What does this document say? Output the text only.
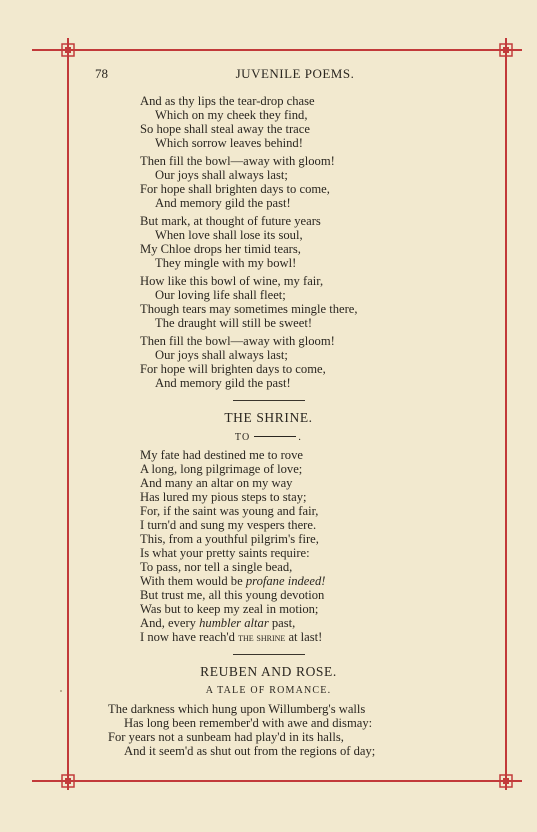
78	JUVENILE POEMS.
And as thy lips the tear-drop chase
Which on my cheek they find,
So hope shall steal away the trace
Which sorrow leaves behind!
Then fill the bowl—away with gloom!
Our joys shall always last;
For hope shall brighten days to come,
And memory gild the past!
But mark, at thought of future years
When love shall lose its soul,
My Chloe drops her timid tears,
They mingle with my bowl!
How like this bowl of wine, my fair,
Our loving life shall fleet;
Though tears may sometimes mingle there,
The draught will still be sweet!
Then fill the bowl—away with gloom!
Our joys shall always last;
For hope will brighten days to come,
And memory gild the past!
THE SHRINE.
TO	.
My fate had destined me to rove
A long, long pilgrimage of love;
And many an altar on my way
Has lured my pious steps to stay;
For, if the saint was young and fair,
I turn'd and sung my vespers there.
This, from a youthful pilgrim's fire,
Is what your pretty saints require:
To pass, nor tell a single bead,
With them would be profane indeed!
But trust me, all this young devotion
Was but to keep my zeal in motion;
And, every humbler altar past,
I now have reach'd the shrine at last!
REUBEN AND ROSE.
A TALE OF ROMANCE.
The darkness which hung upon Willumberg's walls
Has long been remember'd with awe and dismay:
For years not a sunbeam had play'd in its halls,
And it seem'd as shut out from the regions of day;
